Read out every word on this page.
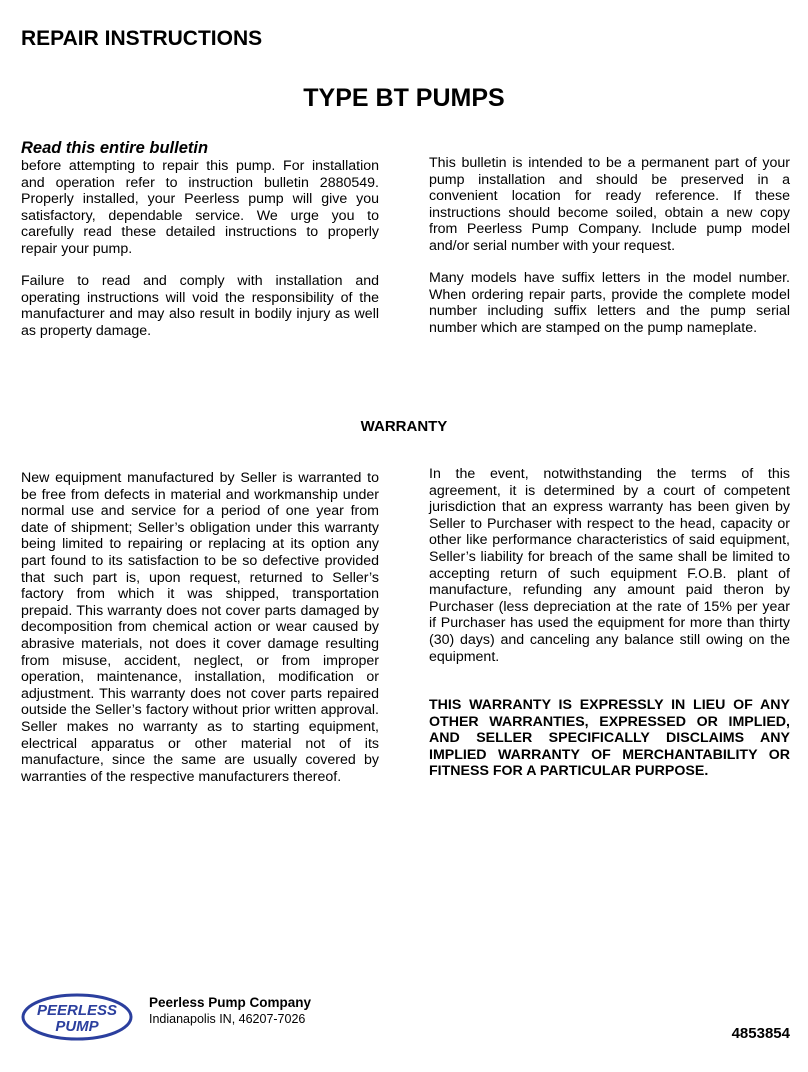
REPAIR INSTRUCTIONS
TYPE BT PUMPS

Read this entire bulletin

before attempting to repair this pump. For installation and operation refer to instruction bulletin 2880549. Properly installed, your Peerless pump will give you satisfactory, dependable service. We urge you to carefully read these detailed instructions to properly repair your pump.

Failure to read and comply with installation and operating instructions will void the responsibility of the manufacturer and may also result in bodily injury as well as property damage.

This bulletin is intended to be a permanent part of your pump installation and should be preserved in a convenient location for ready reference. If these instructions should become soiled, obtain a new copy from Peerless Pump Company. Include pump model and/or serial number with your request.

Many models have suffix letters in the model number. When ordering repair parts, provide the complete model number including suffix letters and the pump serial number which are stamped on the pump nameplate.

WARRANTY

New equipment manufactured by Seller is warranted to be free from defects in material and workmanship under normal use and service for a period of one year from date of shipment; Seller’s obligation under this warranty being limited to repairing or replacing at its option any part found to its satisfaction to be so defective provided that such part is, upon request, returned to Seller’s factory from which it was shipped, transportation prepaid. This warranty does not cover parts damaged by decomposition from chemical action or wear caused by abrasive materials, not does it cover damage resulting from misuse, accident, neglect, or from improper operation, maintenance, installation, modification or adjustment. This warranty does not cover parts repaired outside the Seller’s factory without prior written approval. Seller makes no warranty as to starting equipment, electrical apparatus or other material not of its manufacture, since the same are usually covered by warranties of the respective manufacturers thereof.

In the event, notwithstanding the terms of this agreement, it is determined by a court of competent jurisdiction that an express warranty has been given by Seller to Purchaser with respect to the head, capacity or other like performance characteristics of said equipment, Seller’s liability for breach of the same shall be limited to accepting return of such equipment F.O.B. plant of manufacture, refunding any amount paid theron by Purchaser (less depreciation at the rate of 15% per year if Purchaser has used the equipment for more than thirty (30) days) and canceling any balance still owing on the equipment.

THIS WARRANTY IS EXPRESSLY IN LIEU OF ANY OTHER WARRANTIES, EXPRESSED OR IMPLIED, AND SELLER SPECIFICALLY DISCLAIMS ANY IMPLIED WARRANTY OF MERCHANTABILITY OR FITNESS FOR A PARTICULAR PURPOSE.

PEERLESS
PUMP

Peerless Pump Company

Indianapolis IN, 46207-7026

4853854
